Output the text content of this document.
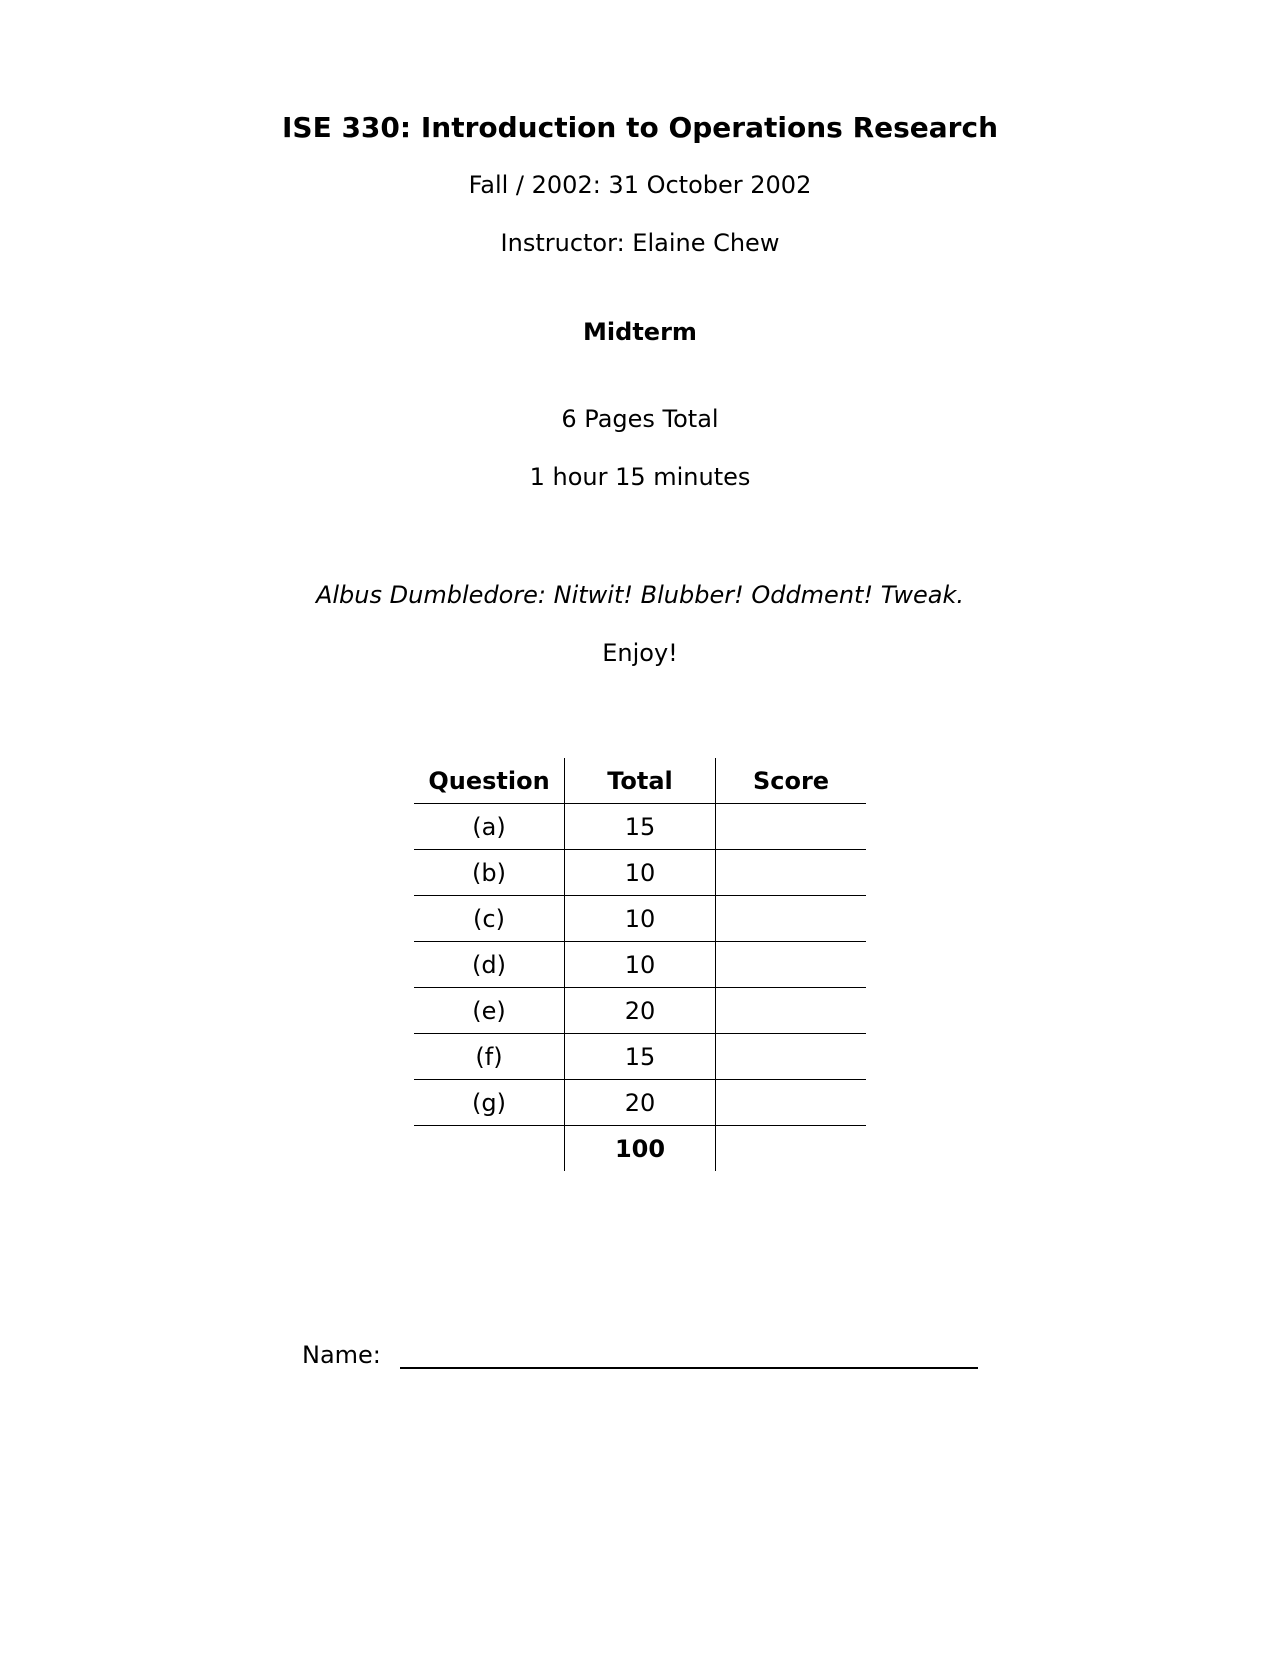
ISE 330: Introduction to Operations Research
Fall / 2002: 31 October 2002
Instructor: Elaine Chew
Midterm
6 Pages Total
1 hour 15 minutes
Albus Dumbledore: Nitwit! Blubber! Oddment! Tweak.
Enjoy!
Question	Total	Score
(a)	15	
(b)	10	
(c)	10	
(d)	10	
(e)	20	
(f)	15	
(g)	20	
	100	
Name:
